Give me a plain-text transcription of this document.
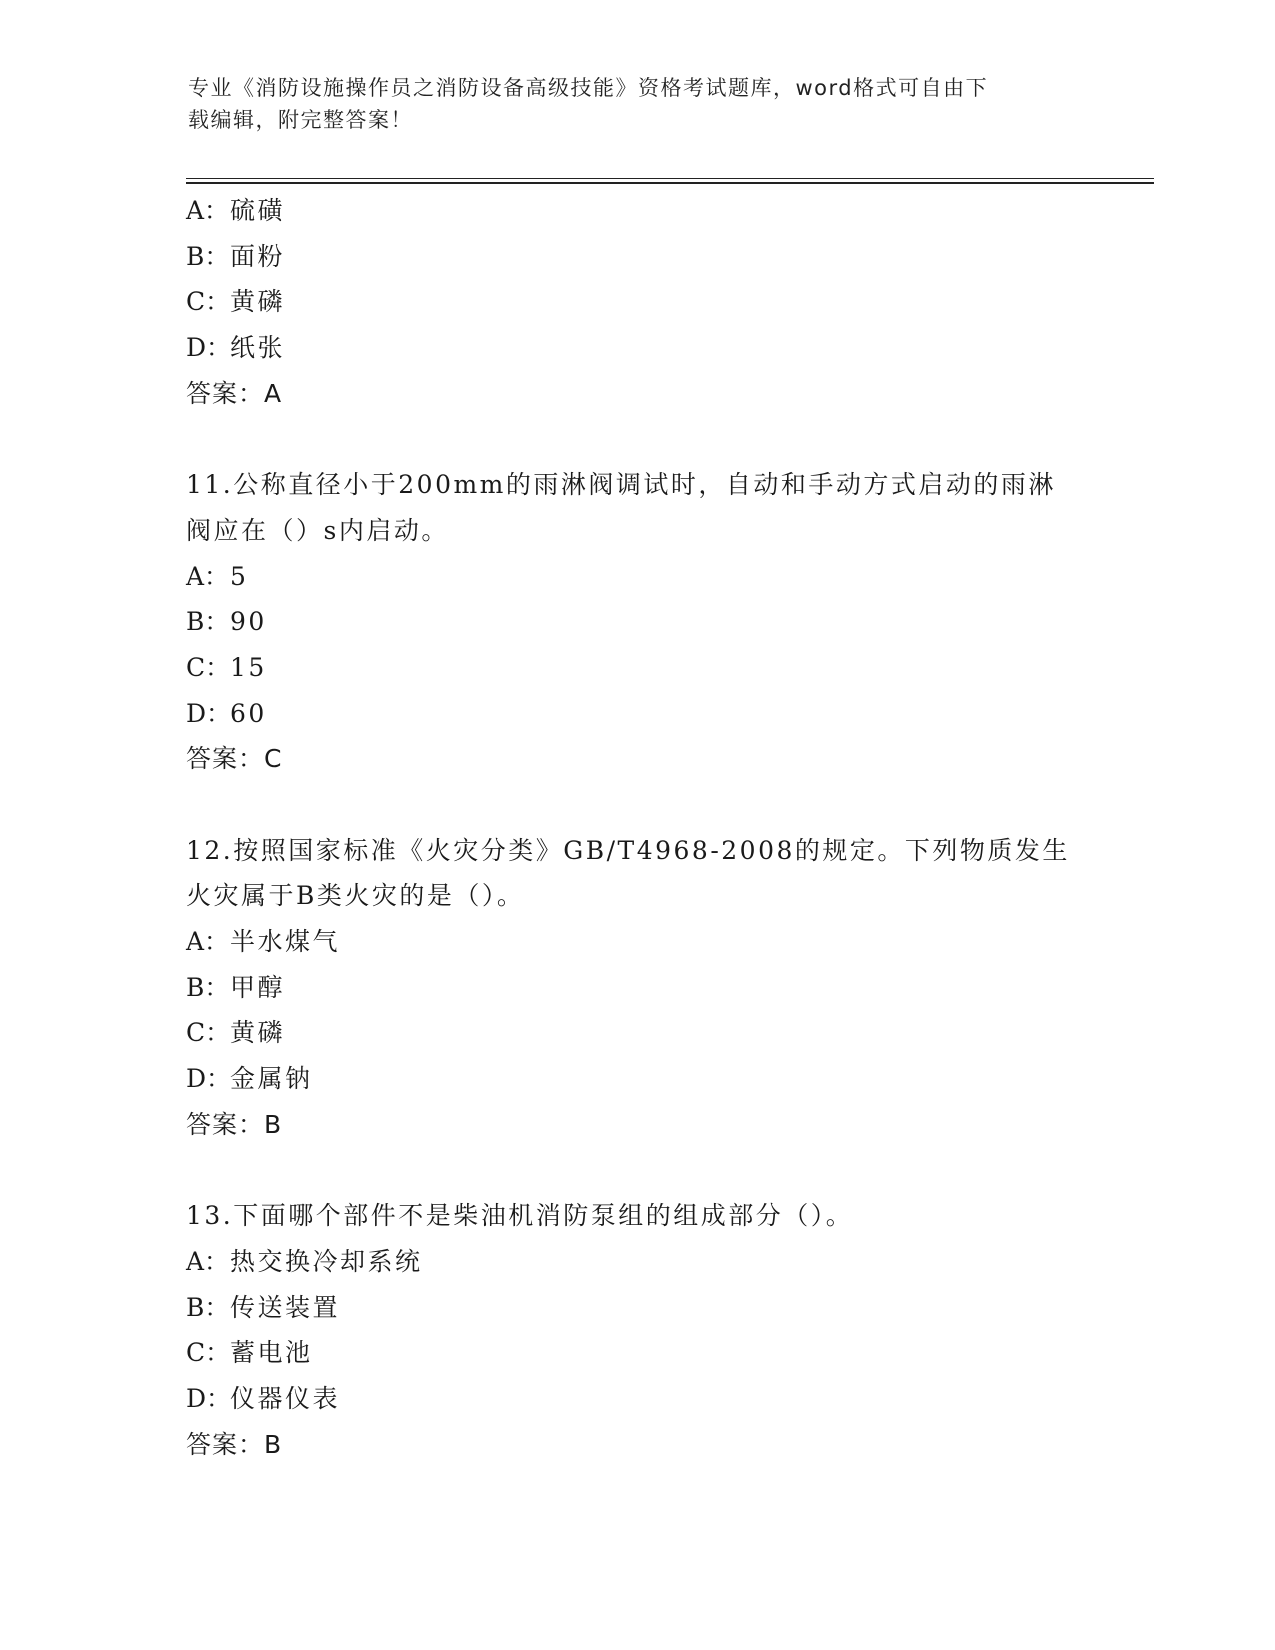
专业《消防设施操作员之消防设备高级技能》资格考试题库，word格式可自由下
载编辑，附完整答案！
A：硫磺
B：面粉
C：黄磷
D：纸张
答案：A
11.公称直径小于200mm的雨淋阀调试时，自动和手动方式启动的雨淋
阀应在（）s内启动。
A：5
B：90
C：15
D：60
答案：C
12.按照国家标准《火灾分类》GB/T4968-2008的规定。下列物质发生
火灾属于B类火灾的是（）。
A：半水煤气
B：甲醇
C：黄磷
D：金属钠
答案：B
13.下面哪个部件不是柴油机消防泵组的组成部分（）。
A：热交换冷却系统
B：传送装置
C：蓄电池
D：仪器仪表
答案：B
